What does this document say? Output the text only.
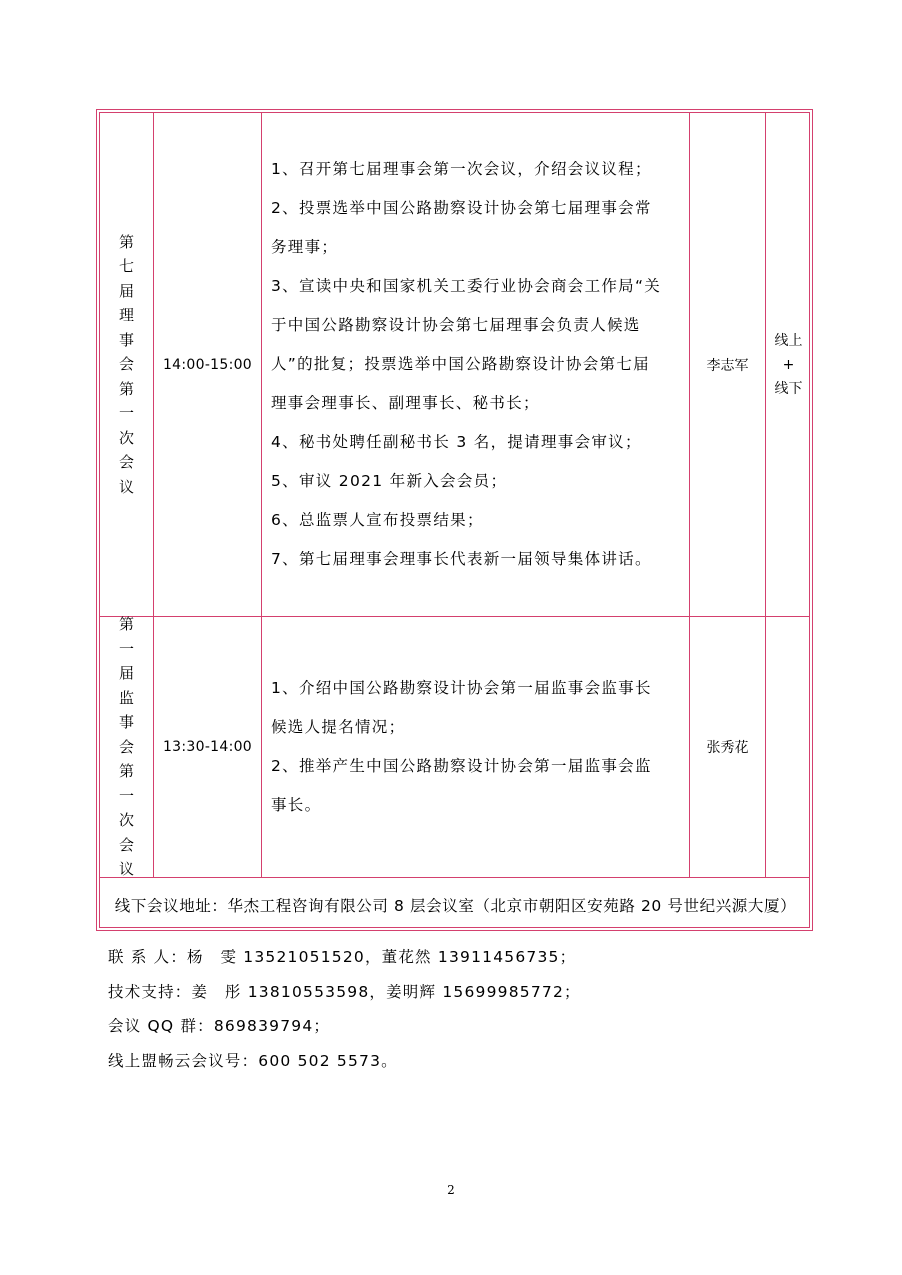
第
七
届
理
事
会
第
一
次
会
议
14:00-15:00
1、召开第七届理事会第一次会议，介绍会议议程；
2、投票选举中国公路勘察设计协会第七届理事会常
务理事；
3、宣读中央和国家机关工委行业协会商会工作局“关
于中国公路勘察设计协会第七届理事会负责人候选
人”的批复；投票选举中国公路勘察设计协会第七届
理事会理事长、副理事长、秘书长；
4、秘书处聘任副秘书长 3 名，提请理事会审议；
5、审议 2021 年新入会会员；
6、总监票人宣布投票结果；
7、第七届理事会理事长代表新一届领导集体讲话。
李志军
线上
+
线下
第
一
届
监
事
会
第
一
次
会
议
13:30-14:00
1、介绍中国公路勘察设计协会第一届监事会监事长
候选人提名情况；
2、推举产生中国公路勘察设计协会第一届监事会监
事长。
张秀花
线下会议地址：华杰工程咨询有限公司 8 层会议室（北京市朝阳区安苑路 20 号世纪兴源大厦）
联 系 人：杨　雯 13521051520，董花然 13911456735；
技术支持：姜　彤 13810553598，姜明辉 15699985772；
会议 QQ 群：869839794；
线上盟畅云会议号：600 502 5573。
2
